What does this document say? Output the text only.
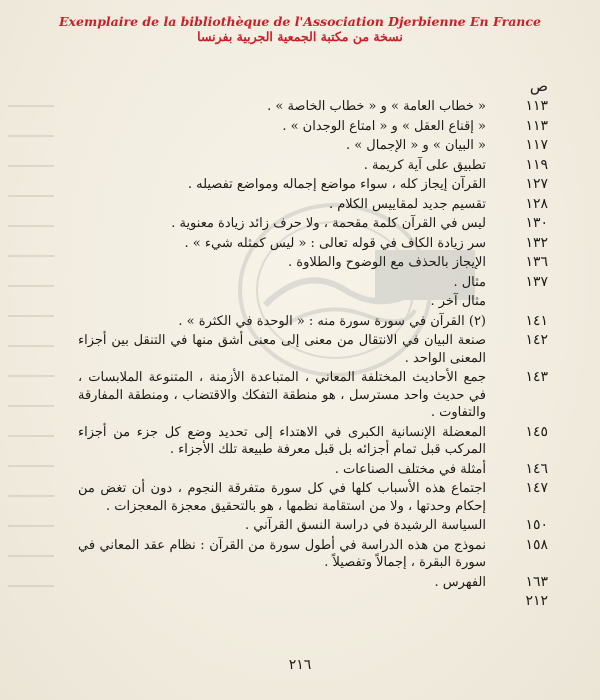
Exemplaire de la bibliothèque de l'Association Djerbienne En France
نسخة من مكتبة الجمعية الجربية بفرنسا
ص
١١٣
« خطاب العامة » و « خطاب الخاصة » .
١١٣
« إقناع العقل » و « امتاع الوجدان » .
١١٧
« البيان » و « الإجمال » .
١١٩
تطبيق على آية كريمة .
١٢٧
القرآن إيجاز كله ، سواء مواضع إجماله ومواضع تفصيله .
١٢٨
تقسيم جديد لمقاييس الكلام .
١٣٠
ليس في القرآن كلمة مقحمة ، ولا حرف زائد زيادة معنوية .
١٣٢
سر زيادة الكاف في قوله تعالى : « ليس كمثله شيء » .
١٣٦
الإيجاز بالحذف مع الوضوح والطلاوة .
١٣٧
مثال .
مثال آخر .
١٤١
(٢) القرآن في سورة سورة منه : « الوحدة في الكثرة » .
١٤٢
صنعة البيان في الانتقال من معنى إلى معنى أشق منها في التنقل بين أجزاء المعنى الواحد .
١٤٣
جمع الأحاديث المختلفة المعاني ، المتباعدة الأزمنة ، المتنوعة الملابسات ، في حديث واحد مسترسل ، هو منطقة التفكك والاقتضاب ، ومنطقة المفارقة والتفاوت .
١٤٥
المعضلة الإنسانية الكبرى في الاهتداء إلى تحديد وضع كل جزء من أجزاء المركب قبل تمام أجزائه بل قبل معرفة طبيعة تلك الأجزاء .
١٤٦
أمثلة في مختلف الصناعات .
١٤٧
اجتماع هذه الأسباب كلها في كل سورة متفرقة النجوم ، دون أن تغض من إحكام وحدتها ، ولا من استقامة نظمها ، هو بالتحقيق معجزة المعجزات .
١٥٠
السياسة الرشيدة في دراسة النسق القرآني .
١٥٨
نموذج من هذه الدراسة في أطول سورة من القرآن : نظام عقد المعاني في سورة البقرة ، إجمالاً وتفصيلاً .
١٦٣
الفهرس .
٢١٢
٢١٦
